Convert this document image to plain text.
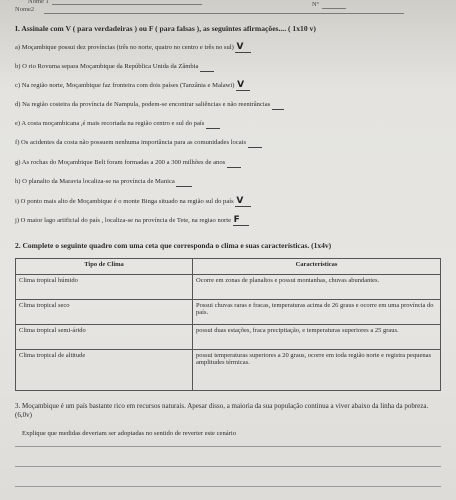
Nome 1
Nome2
Nº
I. Assinale com V ( para verdadeiras ) ou F ( para falsas ), as seguintes afirmações.... ( 1x10 v)
a) Moçambique possui dez províncias (três no norte, quatro no centro e três no sul) V
b) O rio Rovuma separa Moçambique da República Unida da Zâmbia
c) Na região norte, Moçambique faz fronteira com dois países (Tanzânia e Malawi) V
d) Na região costeira da província de Nampula, podem-se encontrar saliências e não reentrâncias
e) A costa moçambicana ,é mais recortada na região centro e sul do país
f) Os acidentes da costa não possuem nenhuma importância para as comunidades locais
g) As rochas do Moçambique Belt foram formadas a 200 a 300 milhões de anos
h) O planalto da Maravia localiza-se na província de Manica
i) O ponto mais alto de Moçambique é o monte Binga situado na região sul do país V
j) O maior lago artificial do país , localiza-se na província de Tete, na regiao norte F
2. Complete o seguinte quadro com uma ceta que corresponda o clima e suas características. (1x4v)
Tipo de Clima	Características
Clima tropical húmido	Ocorre em zonas de planaltos e possui montanhas, chuvas abundantes.
Clima tropical seco	Possui chuvas raras e fracas, temperaturas acima de 26 graus e ocorre em uma província do país.
Clima tropical semi-árido	possui duas estações, fraca precipitação, e temperaturas superiores a 25 graus.
Clima tropical de altitude	possui temperaturas superiores a 20 graus, ocorre em toda região norte e registra pequenas amplitudes térmicas.
3. Moçambique é um país bastante rico em recursos naturais. Apesar disso, a maioria da sua população continua a viver abaixo da linha da pobreza.(6,0v)
Explique que medidas deveriam ser adoptadas no sentido de reverter este cenário
